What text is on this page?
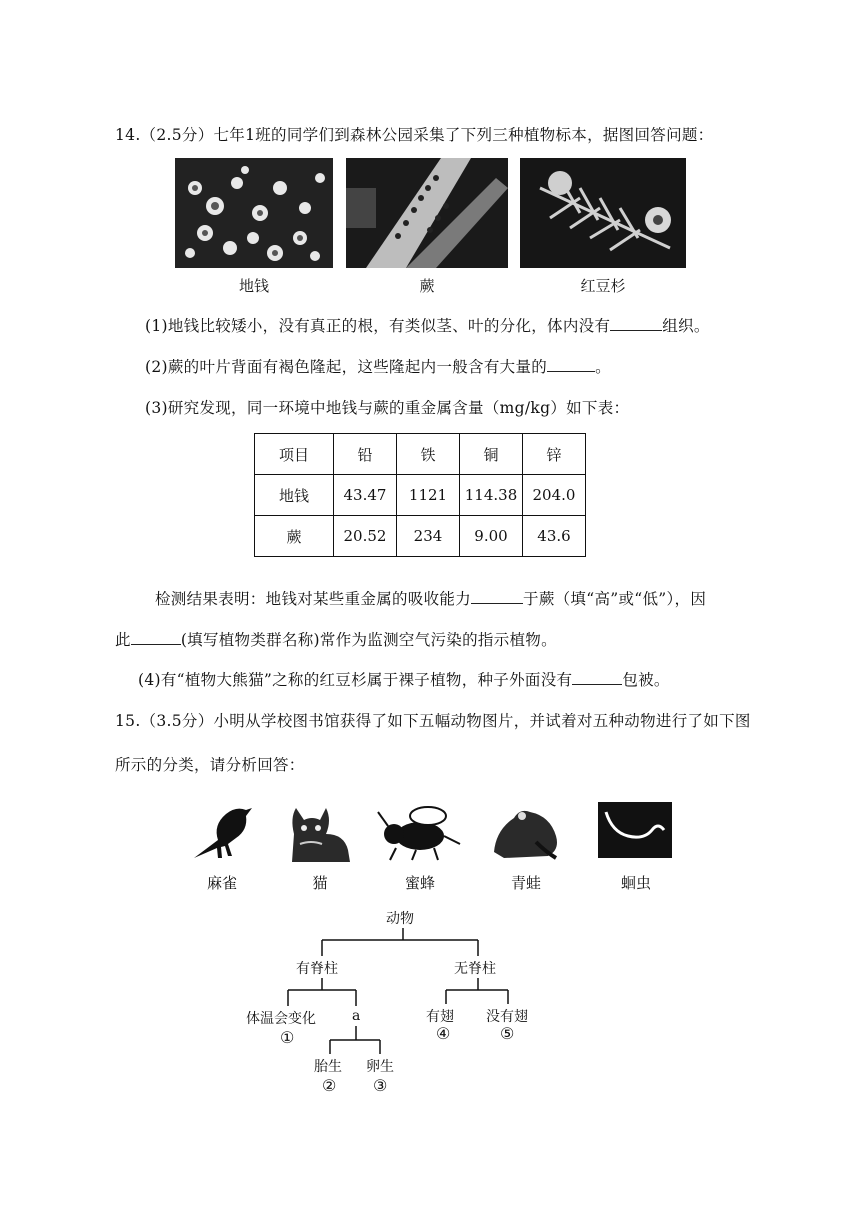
14.（2.5分）七年1班的同学们到森林公园采集了下列三种植物标本，据图回答问题：
地钱	蕨	红豆杉
(1)地钱比较矮小，没有真正的根，有类似茎、叶的分化，体内没有	组织。
(2)蕨的叶片背面有褐色隆起，这些隆起内一般含有大量的	。
(3)研究发现，同一环境中地钱与蕨的重金属含量（mg/kg）如下表：
项目	铅	铁	铜	锌
地钱	43.47	1121	114.38	204.0
蕨	20.52	234	9.00	43.6
检测结果表明：地钱对某些重金属的吸收能力	于蕨（填“高”或“低”），因
此	(填写植物类群名称)常作为监测空气污染的指示植物。
(4)有“植物大熊猫”之称的红豆杉属于裸子植物，种子外面没有	包被。
15.（3.5分）小明从学校图书馆获得了如下五幅动物图片，并试着对五种动物进行了如下图
所示的分类，请分析回答：
麻雀	猫	蜜蜂	青蛙	蛔虫
动物
有脊柱	无脊柱
体温会变化	a
①
胎生 卵生
② ③
有翅 没有翅
④	⑤
